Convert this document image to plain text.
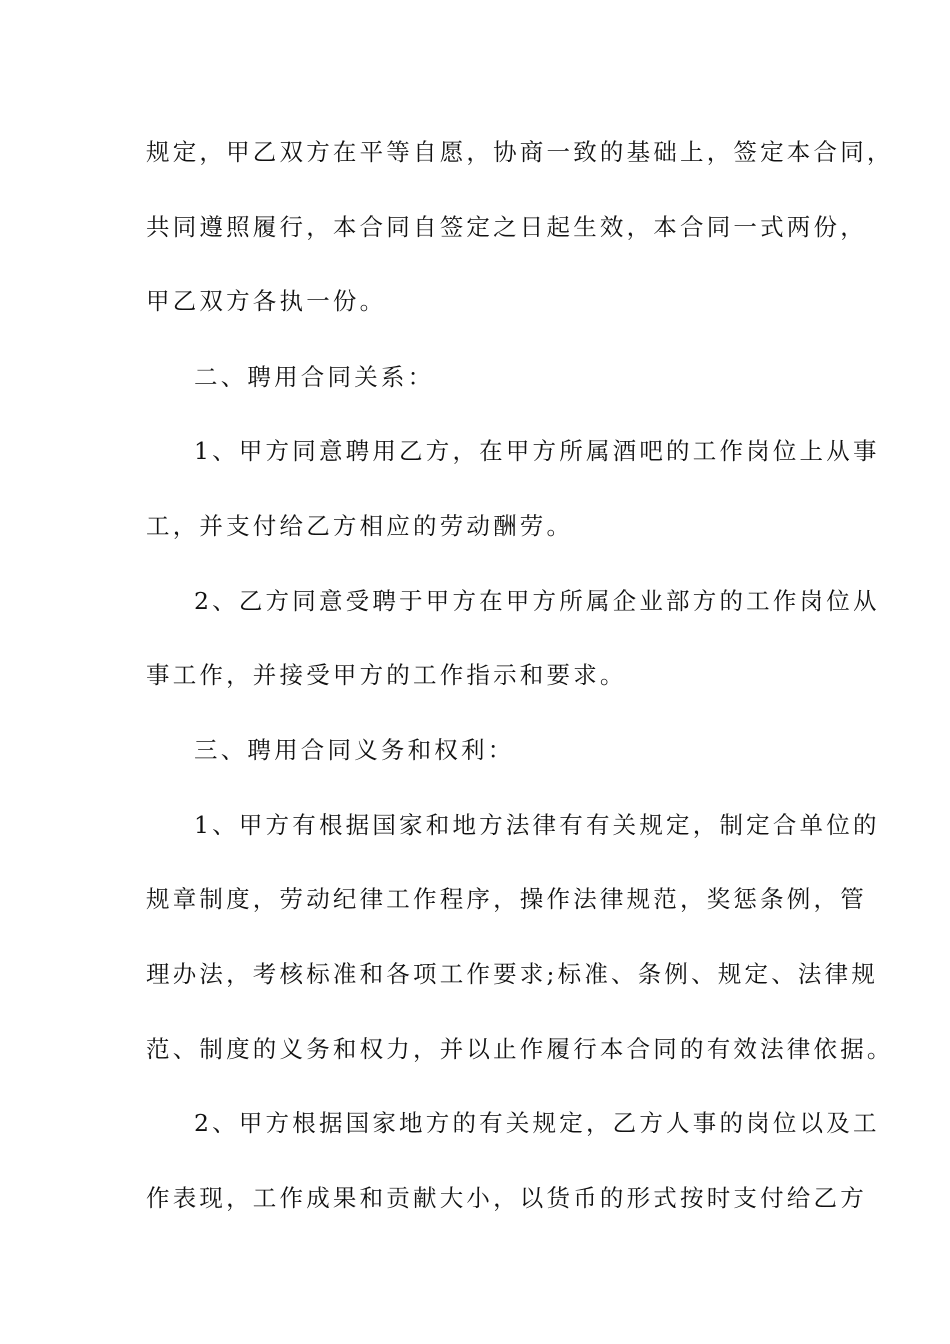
规定，甲乙双方在平等自愿，协商一致的基础上，签定本合同，
共同遵照履行，本合同自签定之日起生效，本合同一式两份，
甲乙双方各执一份。
二、聘用合同关系：
1、甲方同意聘用乙方，在甲方所属酒吧的工作岗位上从事
工，并支付给乙方相应的劳动酬劳。
2、乙方同意受聘于甲方在甲方所属企业部方的工作岗位从
事工作，并接受甲方的工作指示和要求。
三、聘用合同义务和权利：
1、甲方有根据国家和地方法律有有关规定，制定合单位的
规章制度，劳动纪律工作程序，操作法律规范，奖惩条例，管
理办法，考核标准和各项工作要求;标准、条例、规定、法律规
范、制度的义务和权力，并以止作履行本合同的有效法律依据。
2、甲方根据国家地方的有关规定，乙方人事的岗位以及工
作表现，工作成果和贡献大小，以货币的形式按时支付给乙方
